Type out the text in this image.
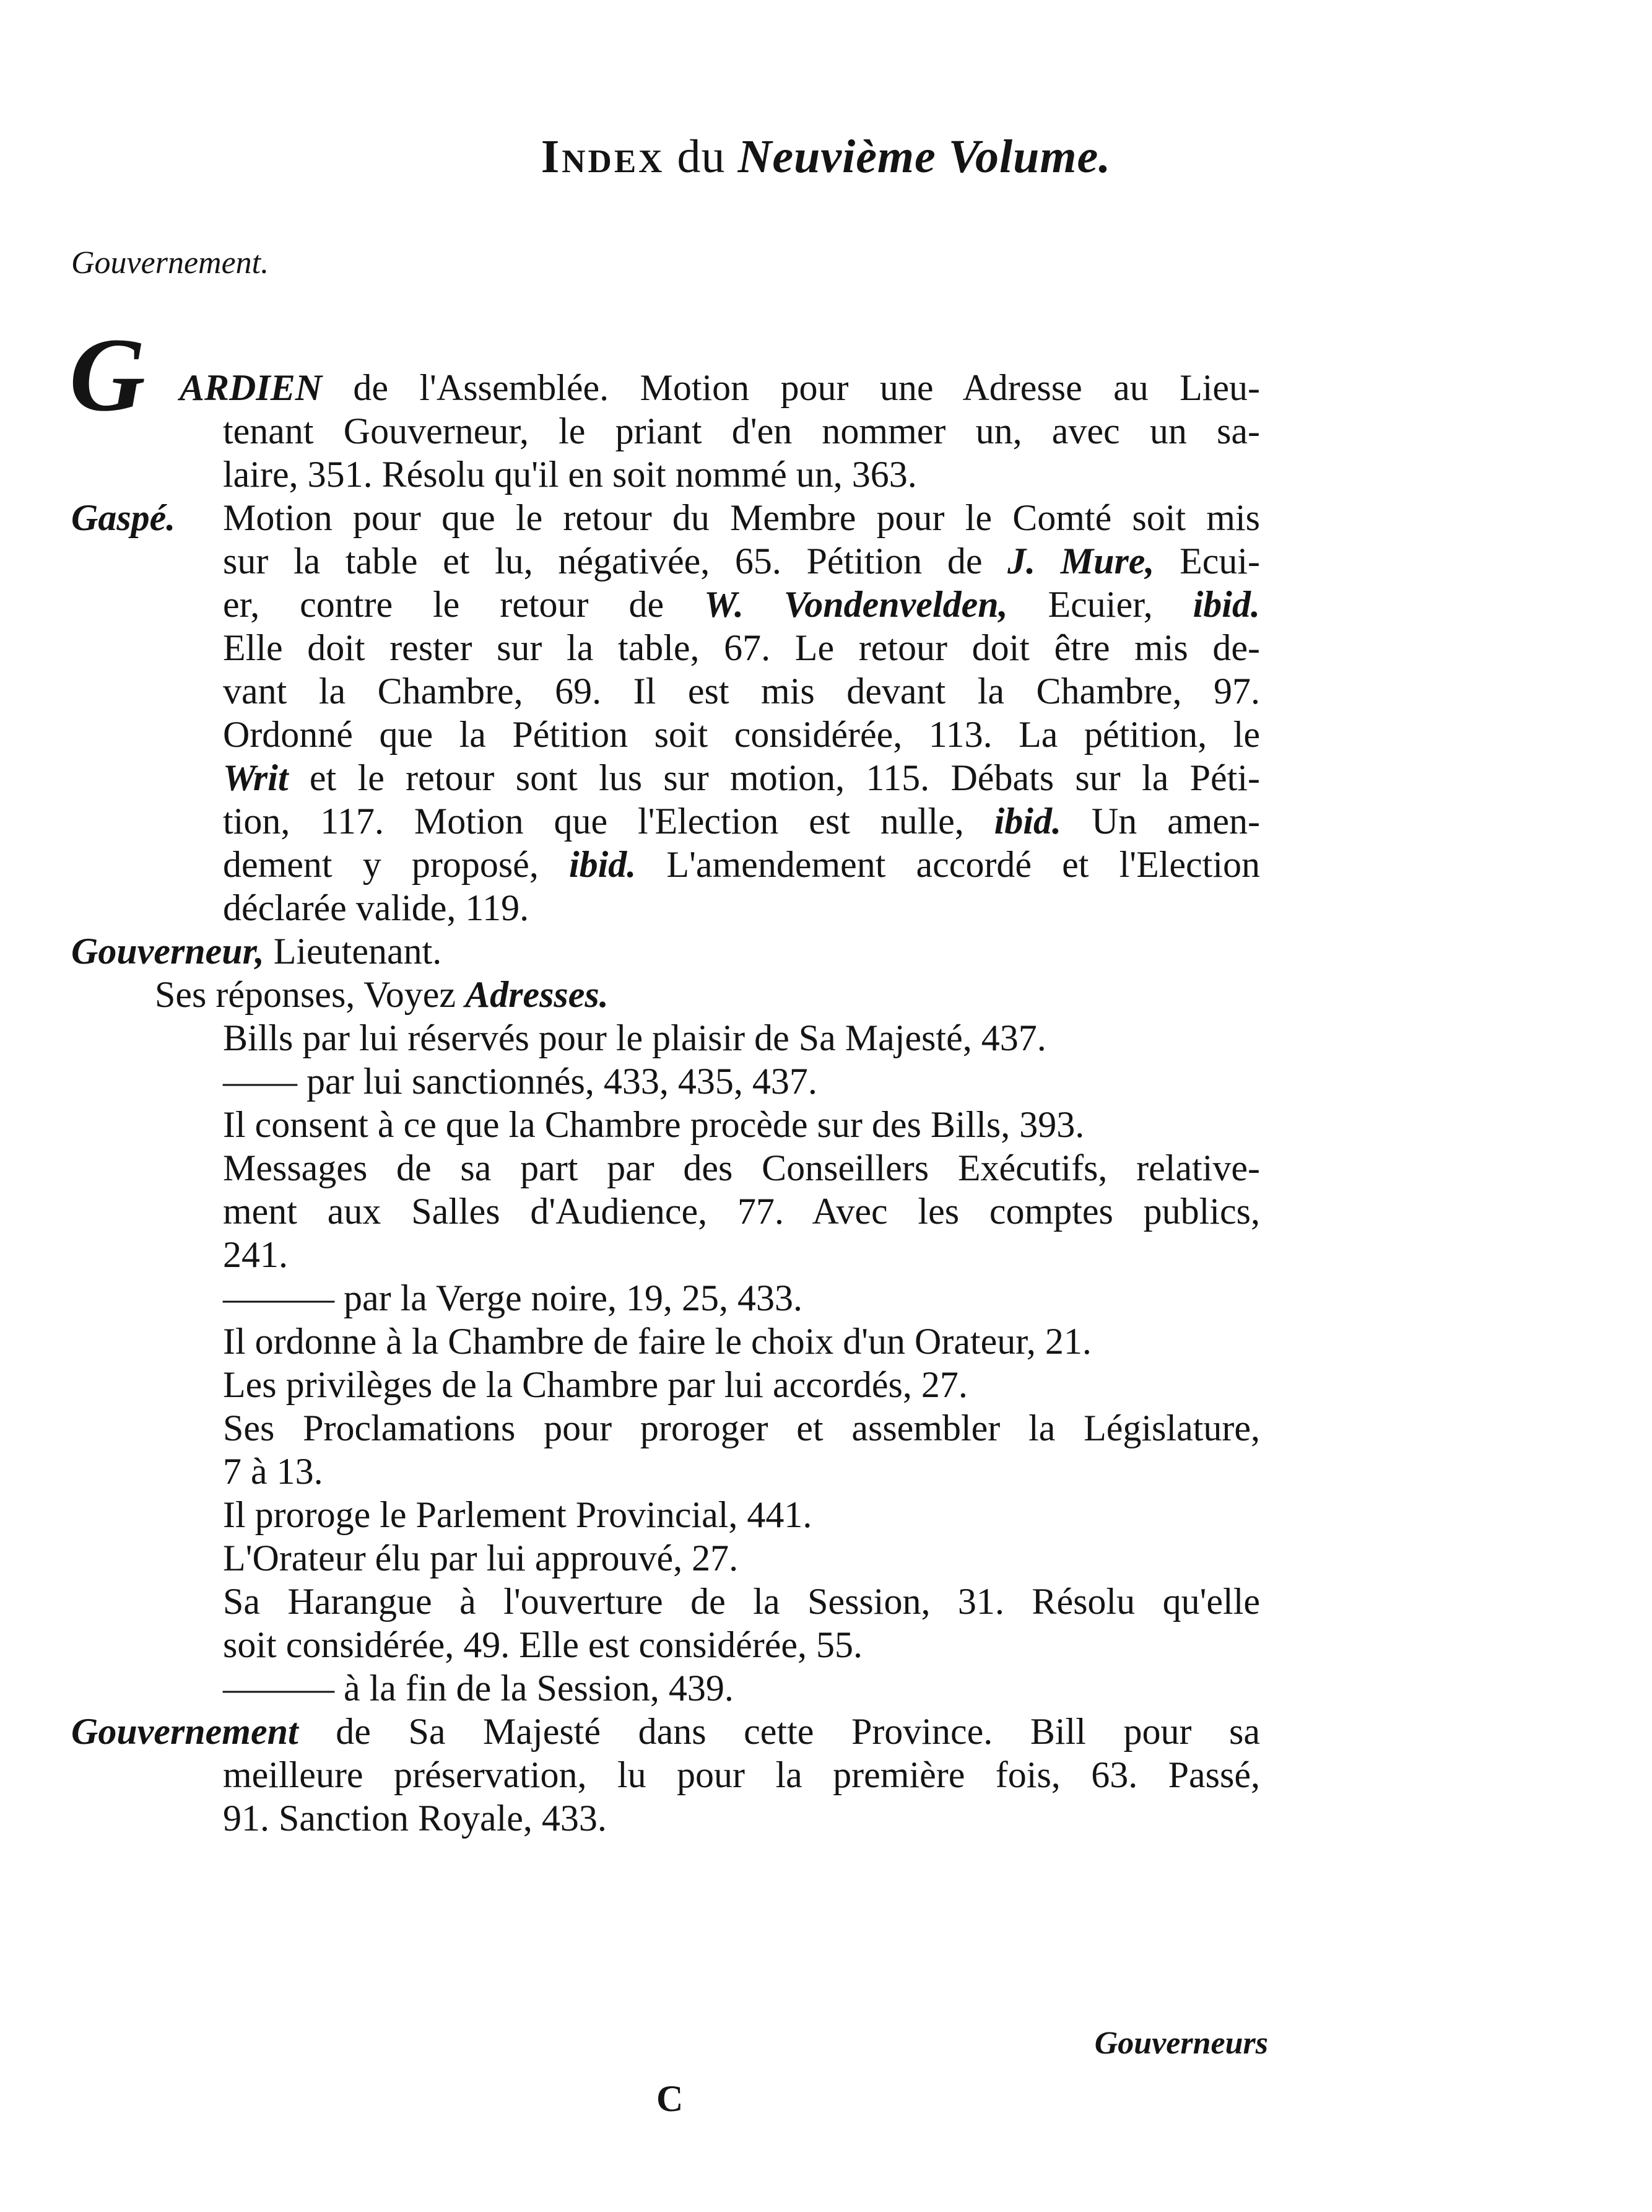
Index du Neuvième Volume.
Gouvernement.
G ARDIEN de l'Assemblée. Motion pour une Adresse au Lieu-
tenant Gouverneur, le priant d'en nommer un, avec un sa-
laire, 351. Résolu qu'il en soit nommé un, 363.
Gaspé. Motion pour que le retour du Membre pour le Comté soit mis
sur la table et lu, négativée, 65. Pétition de J. Mure, Ecui-
er, contre le retour de W. Vondenvelden, Ecuier, ibid.
Elle doit rester sur la table, 67. Le retour doit être mis de-
vant la Chambre, 69. Il est mis devant la Chambre, 97.
Ordonné que la Pétition soit considérée, 113. La pétition, le
Writ et le retour sont lus sur motion, 115. Débats sur la Péti-
tion, 117. Motion que l'Election est nulle, ibid. Un amen-
dement y proposé, ibid. L'amendement accordé et l'Election
déclarée valide, 119.
Gouverneur, Lieutenant.
Ses réponses, Voyez Adresses.
Bills par lui réservés pour le plaisir de Sa Majesté, 437.
—— par lui sanctionnés, 433, 435, 437.
Il consent à ce que la Chambre procède sur des Bills, 393.
Messages de sa part par des Conseillers Exécutifs, relative-
ment aux Salles d'Audience, 77. Avec les comptes publics,
241.
——— par la Verge noire, 19, 25, 433.
Il ordonne à la Chambre de faire le choix d'un Orateur, 21.
Les privilèges de la Chambre par lui accordés, 27.
Ses Proclamations pour proroger et assembler la Législature,
7 à 13.
Il proroge le Parlement Provincial, 441.
L'Orateur élu par lui approuvé, 27.
Sa Harangue à l'ouverture de la Session, 31. Résolu qu'elle
soit considérée, 49. Elle est considérée, 55.
——— à la fin de la Session, 439.
Gouvernement de Sa Majesté dans cette Province. Bill pour sa
meilleure préservation, lu pour la première fois, 63. Passé,
91. Sanction Royale, 433.
Gouverneurs
C
